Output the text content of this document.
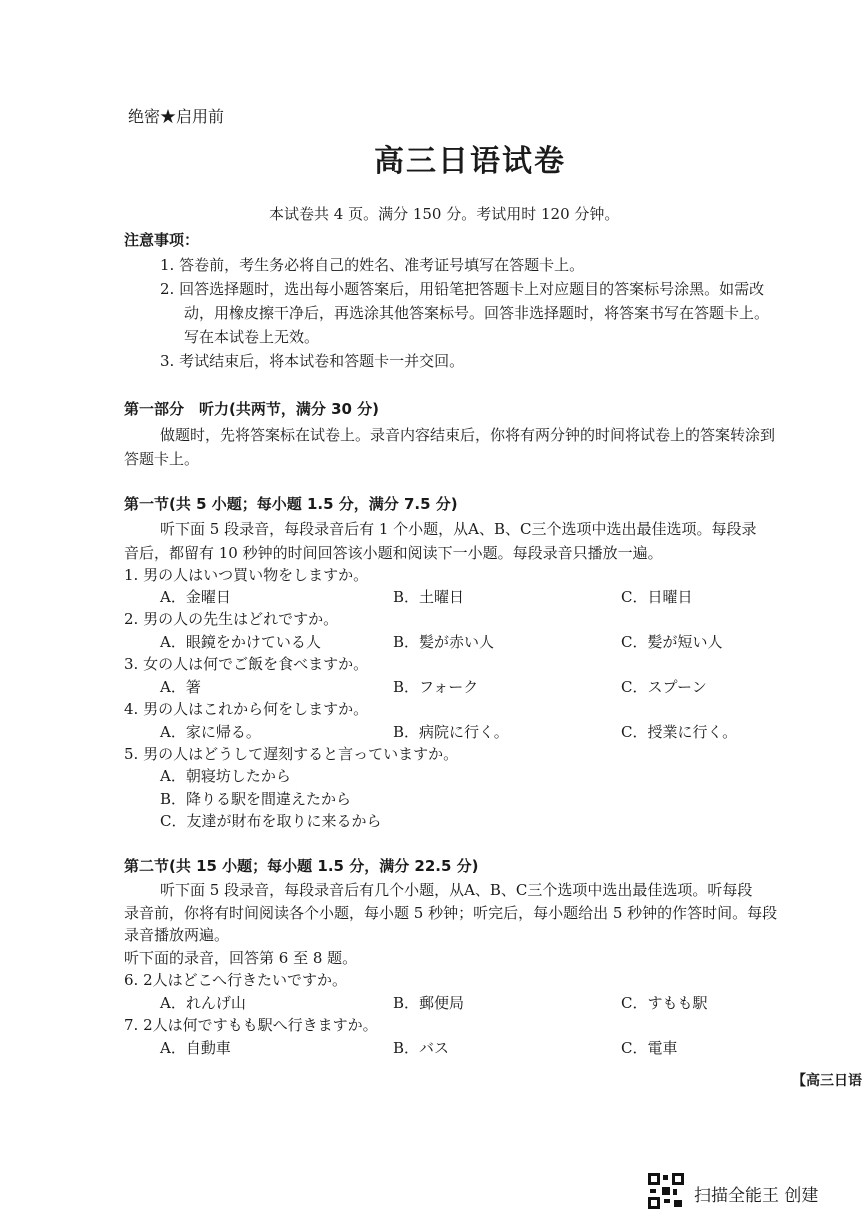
绝密★启用前
高三日语试卷
本试卷共 4 页。满分 150 分。考试用时 120 分钟。
注意事项：
1. 答卷前，考生务必将自己的姓名、准考证号填写在答题卡上。
2. 回答选择题时，选出每小题答案后，用铅笔把答题卡上对应题目的答案标号涂黑。如需改
动，用橡皮擦干净后，再选涂其他答案标号。回答非选择题时，将答案书写在答题卡上。
写在本试卷上无效。
3. 考试结束后，将本试卷和答题卡一并交回。
第一部分　听力(共两节，满分 30 分)
做题时，先将答案标在试卷上。录音内容结束后，你将有两分钟的时间将试卷上的答案转涂到
答题卡上。
第一节(共 5 小题；每小题 1.5 分，满分 7.5 分)
听下面 5 段录音，每段录音后有 1 个小题，从A、B、C三个选项中选出最佳选项。每段录
音后，都留有 10 秒钟的时间回答该小题和阅读下一小题。每段录音只播放一遍。
1. 男の人はいつ買い物をしますか。
A．金曜日	B．土曜日	C．日曜日
2. 男の人の先生はどれですか。
A．眼鏡をかけている人	B．髪が赤い人	C．髪が短い人
3. 女の人は何でご飯を食べますか。
A．箸	B．フォーク	C．スプーン
4. 男の人はこれから何をしますか。
A．家に帰る。	B．病院に行く。	C．授業に行く。
5. 男の人はどうして遅刻すると言っていますか。
A．朝寝坊したから
B．降りる駅を間違えたから
C．友達が財布を取りに来るから
第二节(共 15 小题；每小题 1.5 分，满分 22.5 分)
听下面 5 段录音，每段录音后有几个小题，从A、B、C三个选项中选出最佳选项。听每段
录音前，你将有时间阅读各个小题，每小题 5 秒钟；听完后，每小题给出 5 秒钟的作答时间。每段
录音播放两遍。
听下面的录音，回答第 6 至 8 题。
6. 2人はどこへ行きたいですか。
A．れんげ山	B．郵便局	C．すもも駅
7. 2人は何ですもも駅へ行きますか。
A．自動車	B．バス	C．電車
【高三日语
扫描全能王 创建
